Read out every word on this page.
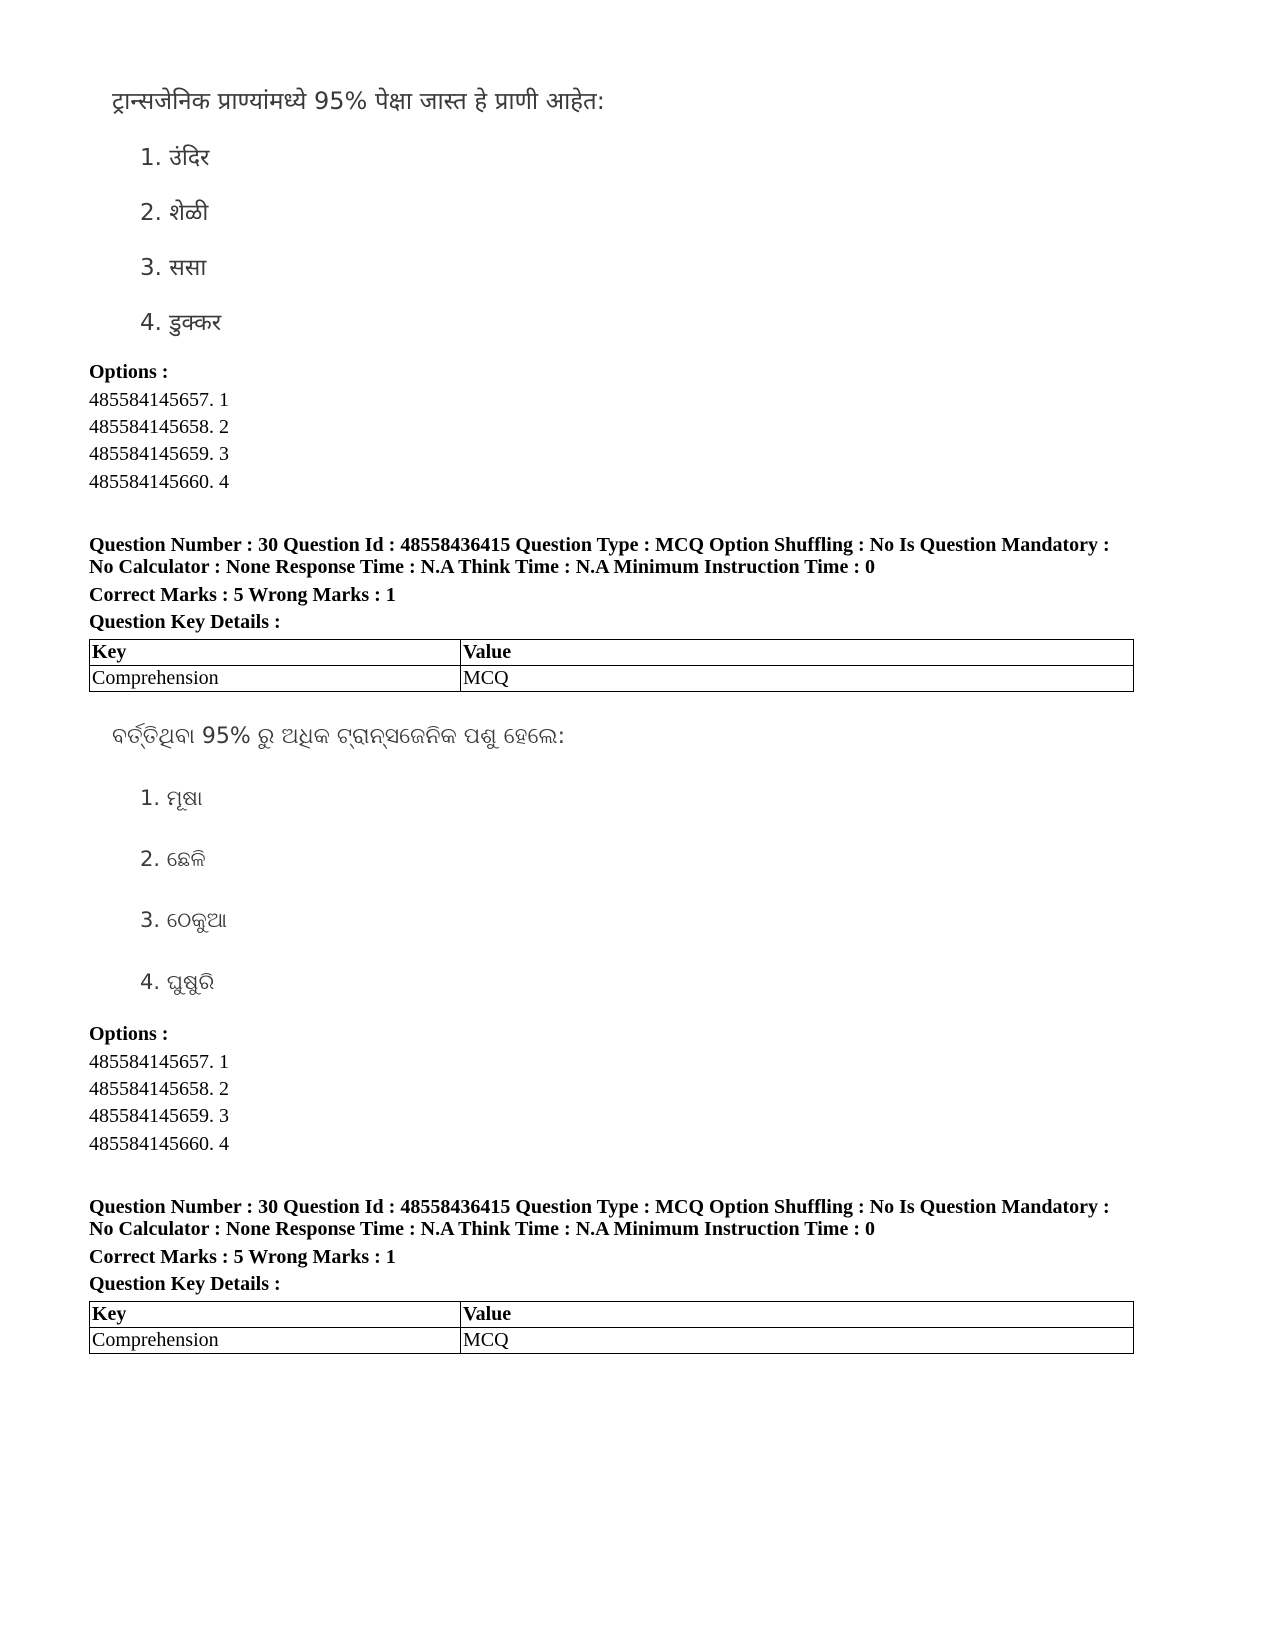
ट्रान्सजेनिक प्राण्यांमध्ये 95% पेक्षा जास्त हे प्राणी आहेत:
1. उंदिर
2. शेळी
3. ससा
4. डुक्कर
Options :
485584145657. 1
485584145658. 2
485584145659. 3
485584145660. 4
Question Number : 30 Question Id : 48558436415 Question Type : MCQ Option Shuffling : No Is Question Mandatory :
No Calculator : None Response Time : N.A Think Time : N.A Minimum Instruction Time : 0
Correct Marks : 5 Wrong Marks : 1
Question Key Details :
Key	Value
Comprehension	MCQ
ବର୍ତ୍ତିଥିବା 95% ରୁ ଅଧିକ ଟ୍ରାନ୍ସଜେନିକ ପଶୁ ହେଲେ:
1. ମୂଷା
2. ଛେଳି
3. ଠେକୁଆ
4. ଘୁଷୁରି
Options :
485584145657. 1
485584145658. 2
485584145659. 3
485584145660. 4
Question Number : 30 Question Id : 48558436415 Question Type : MCQ Option Shuffling : No Is Question Mandatory :
No Calculator : None Response Time : N.A Think Time : N.A Minimum Instruction Time : 0
Correct Marks : 5 Wrong Marks : 1
Question Key Details :
Key	Value
Comprehension	MCQ
